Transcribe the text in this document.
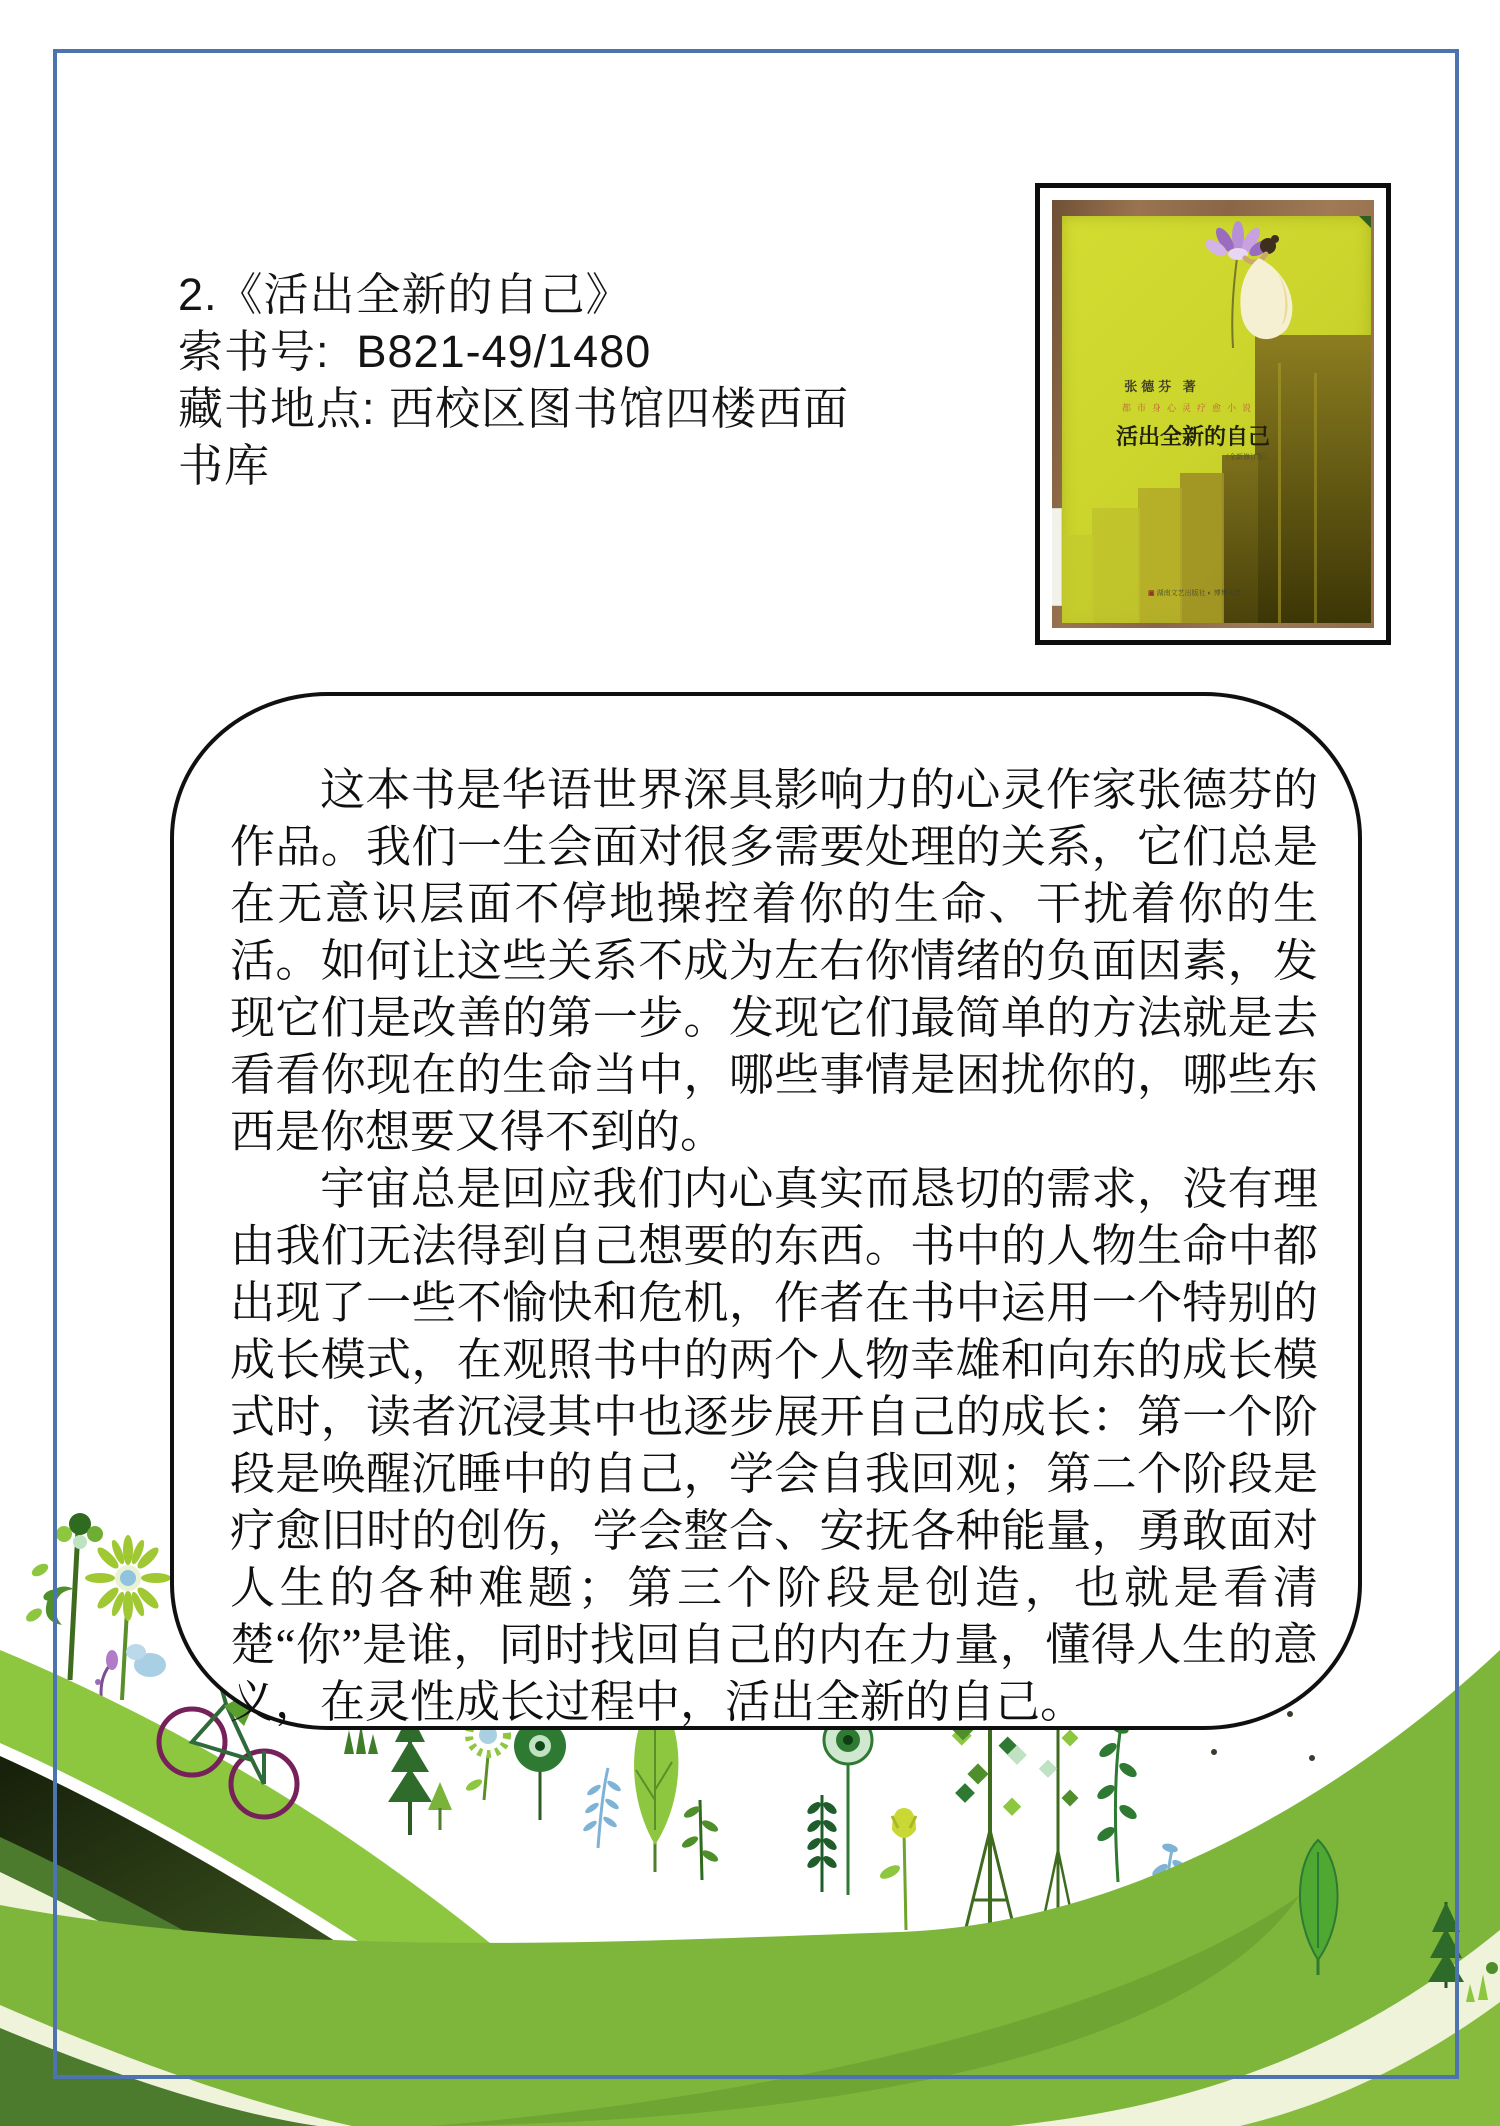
2.《活出全新的自己》
索书号:  B821-49/1480
藏书地点: 西校区图书馆四楼西面
书库
张德芬 著
都市身心灵疗愈小说
活出全新的自己
（全新修订版）
▣ 湖南文艺出版社 ◐ 博集天卷

这本书是华语世界深具影响力的心灵作家张德芬的作品。我们一生会面对很多需要处理的关系，它们总是在无意识层面不停地操控着你的生命、干扰着你的生活。如何让这些关系不成为左右你情绪的负面因素，发现它们是改善的第一步。发现它们最简单的方法就是去看看你现在的生命当中，哪些事情是困扰你的，哪些东西是你想要又得不到的。

宇宙总是回应我们内心真实而恳切的需求，没有理由我们无法得到自己想要的东西。书中的人物生命中都出现了一些不愉快和危机，作者在书中运用一个特别的成长模式，在观照书中的两个人物幸雄和向东的成长模式时，读者沉浸其中也逐步展开自己的成长：第一个阶段是唤醒沉睡中的自己，学会自我回观；第二个阶段是疗愈旧时的创伤，学会整合、安抚各种能量，勇敢面对人生的各种难题；第三个阶段是创造，也就是看清楚“你”是谁，同时找回自己的内在力量，懂得人生的意义，在灵性成长过程中，活出全新的自己。
